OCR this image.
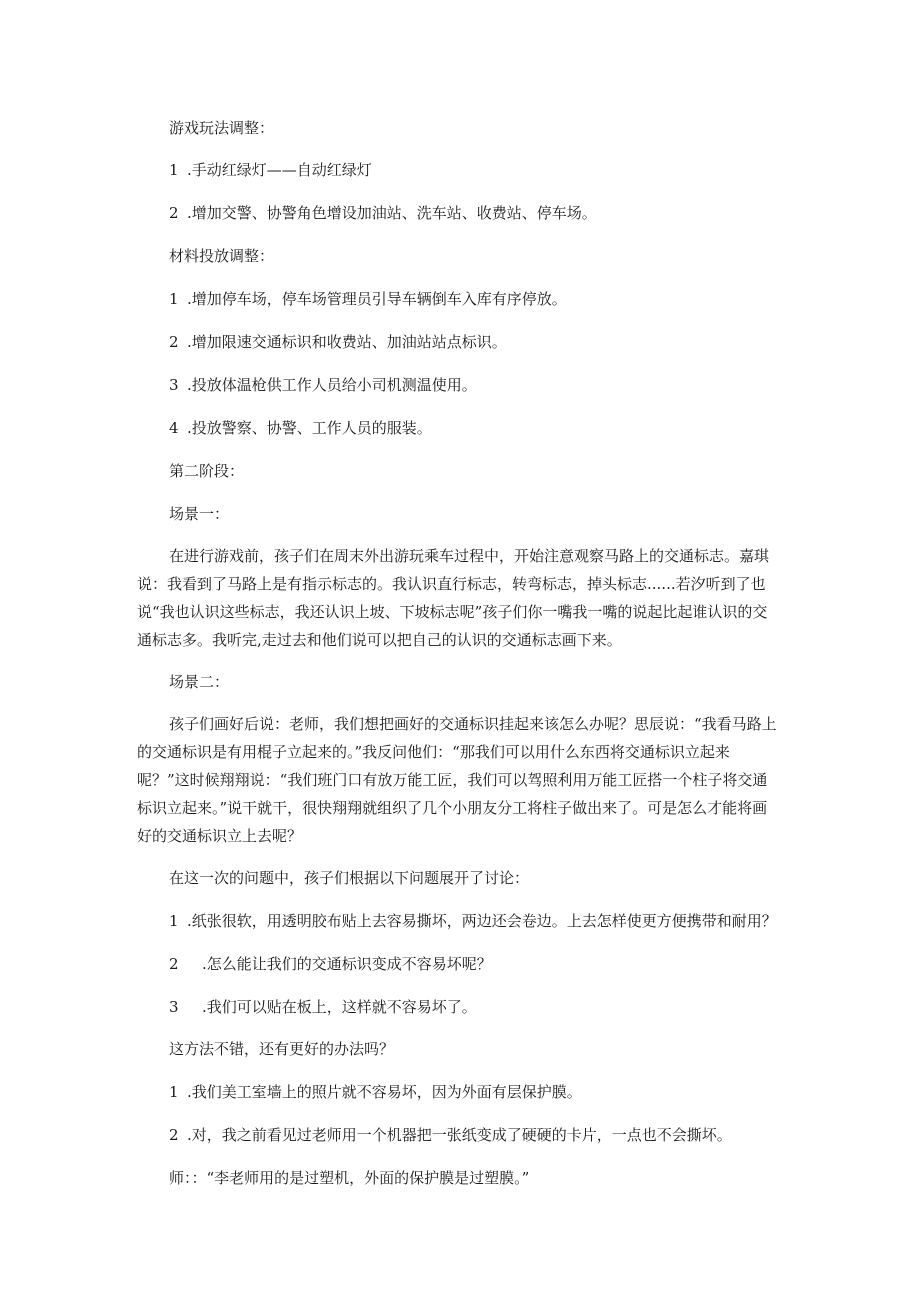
游戏玩法调整：

1 .手动红绿灯——自动红绿灯

2 .增加交警、协警角色增设加油站、洗车站、收费站、停车场。

材料投放调整：

1 .增加停车场，停车场管理员引导车辆倒车入库有序停放。

2 .增加限速交通标识和收费站、加油站站点标识。

3 .投放体温枪供工作人员给小司机测温使用。

4 .投放警察、协警、工作人员的服装。

第二阶段：

场景一：

在进行游戏前，孩子们在周末外出游玩乘车过程中，开始注意观察马路上的交通标志。嘉琪说：我看到了马路上是有指示标志的。我认识直行标志，转弯标志，掉头标志......若汐听到了也说“我也认识这些标志，我还认识上坡、下坡标志呢”孩子们你一嘴我一嘴的说起比起谁认识的交通标志多。我听完,走过去和他们说可以把自己的认识的交通标志画下来。

场景二：

孩子们画好后说：老师，我们想把画好的交通标识挂起来该怎么办呢？思辰说：“我看马路上的交通标识是有用棍子立起来的。”我反问他们：“那我们可以用什么东西将交通标识立起来呢？”这时候翔翔说：“我们班门口有放万能工匠，我们可以驾照利用万能工匠搭一个柱子将交通标识立起来。”说干就干，很快翔翔就组织了几个小朋友分工将柱子做出来了。可是怎么才能将画好的交通标识立上去呢？

在这一次的问题中，孩子们根据以下问题展开了讨论：

1 .纸张很软，用透明胶布贴上去容易撕坏，两边还会卷边。上去怎样使更方便携带和耐用？

2 .怎么能让我们的交通标识变成不容易坏呢？

3 .我们可以贴在板上，这样就不容易坏了。

这方法不错，还有更好的办法吗？

1 .我们美工室墙上的照片就不容易坏，因为外面有层保护膜。

2 .对，我之前看见过老师用一个机器把一张纸变成了硬硬的卡片，一点也不会撕坏。

师：：“李老师用的是过塑机，外面的保护膜是过塑膜。”
